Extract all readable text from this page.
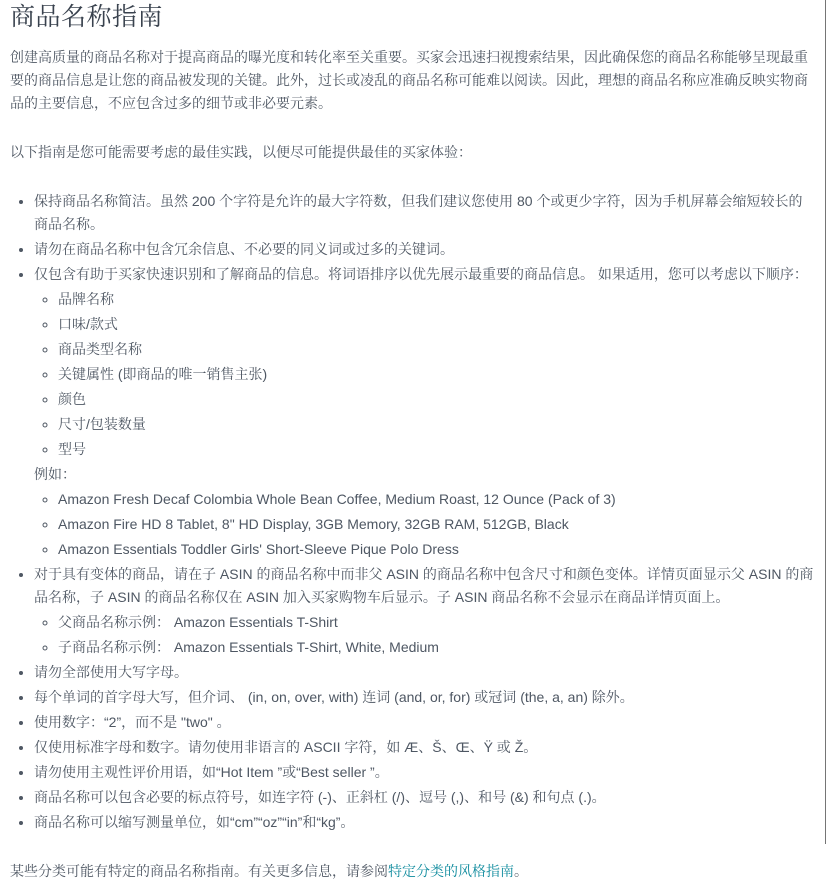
商品名称指南

创建高质量的商品名称对于提高商品的曝光度和转化率至关重要。买家会迅速扫视搜索结果，因此确保您的商品名称能够呈现最重要的商品信息是让您的商品被发现的关键。此外，过长或凌乱的商品名称可能难以阅读。因此，理想的商品名称应准确反映实物商品的主要信息，不应包含过多的细节或非必要元素。

以下指南是您可能需要考虑的最佳实践，以便尽可能提供最佳的买家体验：

• 保持商品名称简洁。虽然 200 个字符是允许的最大字符数，但我们建议您使用 80 个或更少字符，因为手机屏幕会缩短较长的商品名称。
• 请勿在商品名称中包含冗余信息、不必要的同义词或过多的关键词。
• 仅包含有助于买家快速识别和了解商品的信息。将词语排序以优先展示最重要的商品信息。 如果适用，您可以考虑以下顺序：
◦ 品牌名称
◦ 口味/款式
◦ 商品类型名称
◦ 关键属性 (即商品的唯一销售主张)
◦ 颜色
◦ 尺寸/包装数量
◦ 型号
例如：
◦ Amazon Fresh Decaf Colombia Whole Bean Coffee, Medium Roast, 12 Ounce (Pack of 3)
◦ Amazon Fire HD 8 Tablet, 8" HD Display, 3GB Memory, 32GB RAM, 512GB, Black
◦ Amazon Essentials Toddler Girls' Short-Sleeve Pique Polo Dress
• 对于具有变体的商品，请在子 ASIN 的商品名称中而非父 ASIN 的商品名称中包含尺寸和颜色变体。详情页面显示父 ASIN 的商品名称，子 ASIN 的商品名称仅在 ASIN 加入买家购物车后显示。子 ASIN 商品名称不会显示在商品详情页面上。
◦ 父商品名称示例： Amazon Essentials T-Shirt
◦ 子商品名称示例： Amazon Essentials T-Shirt, White, Medium
• 请勿全部使用大写字母。
• 每个单词的首字母大写，但介词、 (in, on, over, with) 连词 (and, or, for) 或冠词 (the, a, an) 除外。
• 使用数字：“2”，而不是 "two" 。
• 仅使用标准字母和数字。请勿使用非语言的 ASCII 字符，如 Æ、Š、Œ、Ÿ 或 Ž。
• 请勿使用主观性评价用语，如“Hot Item ”或“Best seller ”。
• 商品名称可以包含必要的标点符号，如连字符 (-)、正斜杠 (/)、逗号 (,)、和号 (&) 和句点 (.)。
• 商品名称可以缩写测量单位，如“cm”“oz”“in”和“kg”。

某些分类可能有特定的商品名称指南。有关更多信息，请参阅特定分类的风格指南。
